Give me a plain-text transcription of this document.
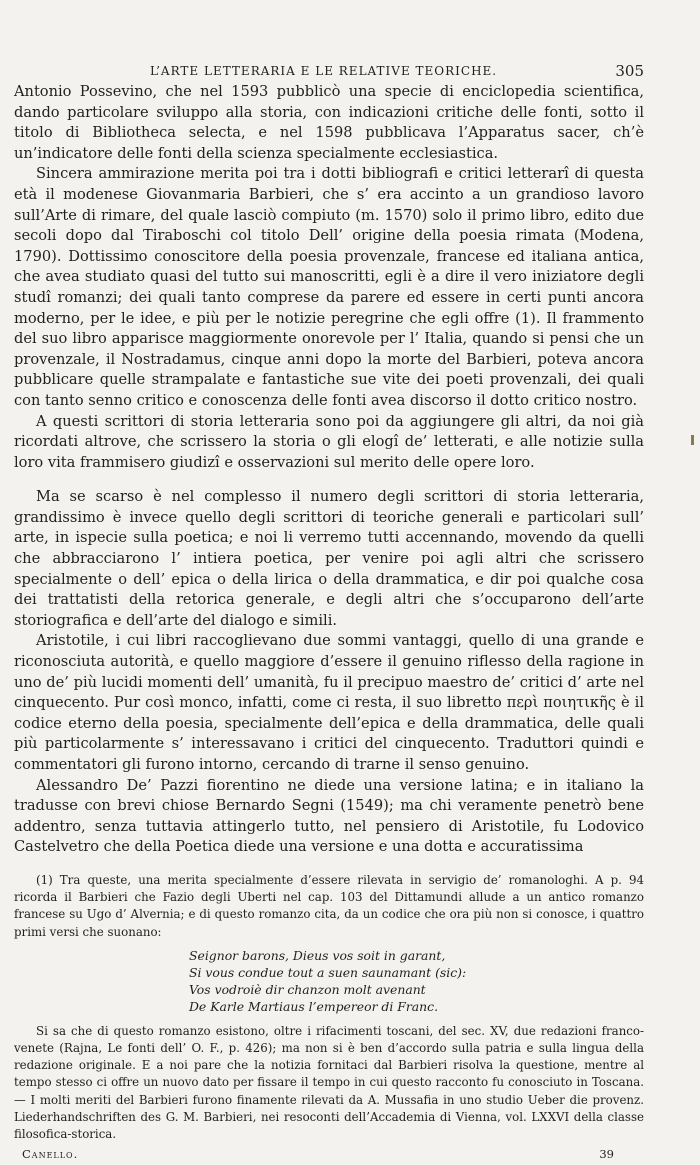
L’ARTE LETTERARIA E LE RELATIVE TEORICHE.	305

Antonio Possevino, che nel 1593 pubblicò una specie di enciclopedia scientifica, dando particolare sviluppo alla storia, con indicazioni critiche delle fonti, sotto il titolo di Bibliotheca selecta, e nel 1598 pubblicava l’Apparatus sacer, ch’è un’indicatore delle fonti della scienza specialmente ecclesiastica.

Sincera ammirazione merita poi tra i dotti bibliografi e critici letterarî di questa età il modenese Giovanmaria Barbieri, che s’ era accinto a un grandioso lavoro sull’Arte di rimare, del quale lasciò compiuto (m. 1570) solo il primo libro, edito due secoli dopo dal Tiraboschi col titolo Dell’ origine della poesia rimata (Modena, 1790). Dottissimo conoscitore della poesia provenzale, francese ed italiana antica, che avea studiato quasi del tutto sui manoscritti, egli è a dire il vero iniziatore degli studî romanzi; dei quali tanto comprese da parere ed essere in certi punti ancora moderno, per le idee, e più per le notizie peregrine che egli offre (1). Il frammento del suo libro apparisce maggiormente onorevole per l’ Italia, quando si pensi che un provenzale, il Nostradamus, cinque anni dopo la morte del Barbieri, poteva ancora pubblicare quelle strampalate e fantastiche sue vite dei poeti provenzali, dei quali con tanto senno critico e conoscenza delle fonti avea discorso il dotto critico nostro.

A questi scrittori di storia letteraria sono poi da aggiungere gli altri, da noi già ricordati altrove, che scrissero la storia o gli elogî de’ letterati, e alle notizie sulla loro vita frammisero giudizî e osservazioni sul merito delle opere loro.

Ma se scarso è nel complesso il numero degli scrittori di storia letteraria, grandissimo è invece quello degli scrittori di teoriche generali e particolari sull’ arte, in ispecie sulla poetica; e noi li verremo tutti accennando, movendo da quelli che abbracciarono l’ intiera poetica, per venire poi agli altri che scrissero specialmente o dell’ epica o della lirica o della drammatica, e dir poi qualche cosa dei trattatisti della retorica generale, e degli altri che s’occuparono dell’arte storiografica e dell’arte del dialogo e simili.

Aristotile, i cui libri raccoglievano due sommi vantaggi, quello di una grande e riconosciuta autorità, e quello maggiore d’essere il genuino riflesso della ragione in uno de’ più lucidi momenti dell’ umanità, fu il precipuo maestro de’ critici d’ arte nel cinquecento. Pur così monco, infatti, come ci resta, il suo libretto περὶ ποιητικῆς è il codice eterno della poesia, specialmente dell’epica e della drammatica, delle quali più particolarmente s’ interessavano i critici del cinquecento. Traduttori quindi e commentatori gli furono intorno, cercando di trarne il senso genuino.

Alessandro De’ Pazzi fiorentino ne diede una versione latina; e in italiano la tradusse con brevi chiose Bernardo Segni (1549); ma chi veramente penetrò bene addentro, senza tuttavia attingerlo tutto, nel pensiero di Aristotile, fu Lodovico Castelvetro che della Poetica diede una versione e una dotta e accuratissima

(1) Tra queste, una merita specialmente d’essere rilevata in servigio de’ romanologhi. A p. 94 ricorda il Barbieri che Fazio degli Uberti nel cap. 103 del Dittamundi allude a un antico romanzo francese su Ugo d’ Alvernia; e di questo romanzo cita, da un codice che ora più non si conosce, i quattro primi versi che suonano:

Seignor barons, Dieus vos soit in garant,
Si vous condue tout a suen saunamant (sic):
Vos vodroiè dir chanzon molt avenant
De Karle Martiaus l’empereor di Franc.

Si sa che di questo romanzo esistono, oltre i rifacimenti toscani, del sec. XV, due redazioni franco-venete (Rajna, Le fonti dell’ O. F., p. 426); ma non si è ben d’accordo sulla patria e sulla lingua della redazione originale. E a noi pare che la notizia fornitaci dal Barbieri risolva la questione, mentre al tempo stesso ci offre un nuovo dato per fissare il tempo in cui questo racconto fu conosciuto in Toscana. — I molti meriti del Barbieri furono finamente rilevati da A. Mussafia in uno studio Ueber die provenz. Liederhandschriften des G. M. Barbieri, nei resoconti dell’Accademia di Vienna, vol. LXXVI della classe filosofica-storica.

Canello.	39
